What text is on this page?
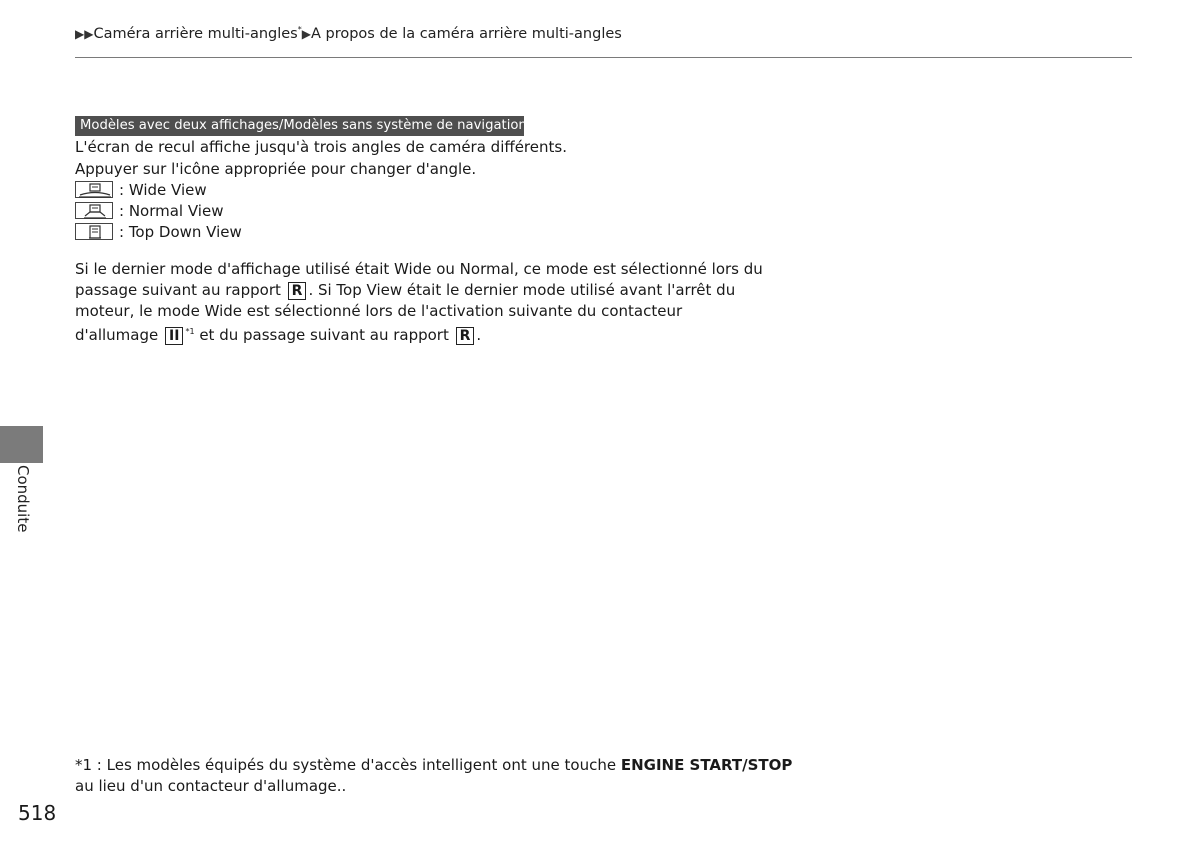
▶▶Caméra arrière multi-angles*▶A propos de la caméra arrière multi-angles
Modèles avec deux affichages/Modèles sans système de navigation
L'écran de recul affiche jusqu'à trois angles de caméra différents.
Appuyer sur l'icône appropriée pour changer d'angle.
: Wide View
: Normal View
: Top Down View
Si le dernier mode d'affichage utilisé était Wide ou Normal, ce mode est sélectionné lors du
passage suivant au rapport R . Si Top View était le dernier mode utilisé avant l'arrêt du
moteur, le mode Wide est sélectionné lors de l'activation suivante du contacteur
d'allumage II $^{*1}$ et du passage suivant au rapport R .
Conduite
*1 : Les modèles équipés du système d'accès intelligent ont une touche ENGINE START/STOP
au lieu d'un contacteur d'allumage..
518
